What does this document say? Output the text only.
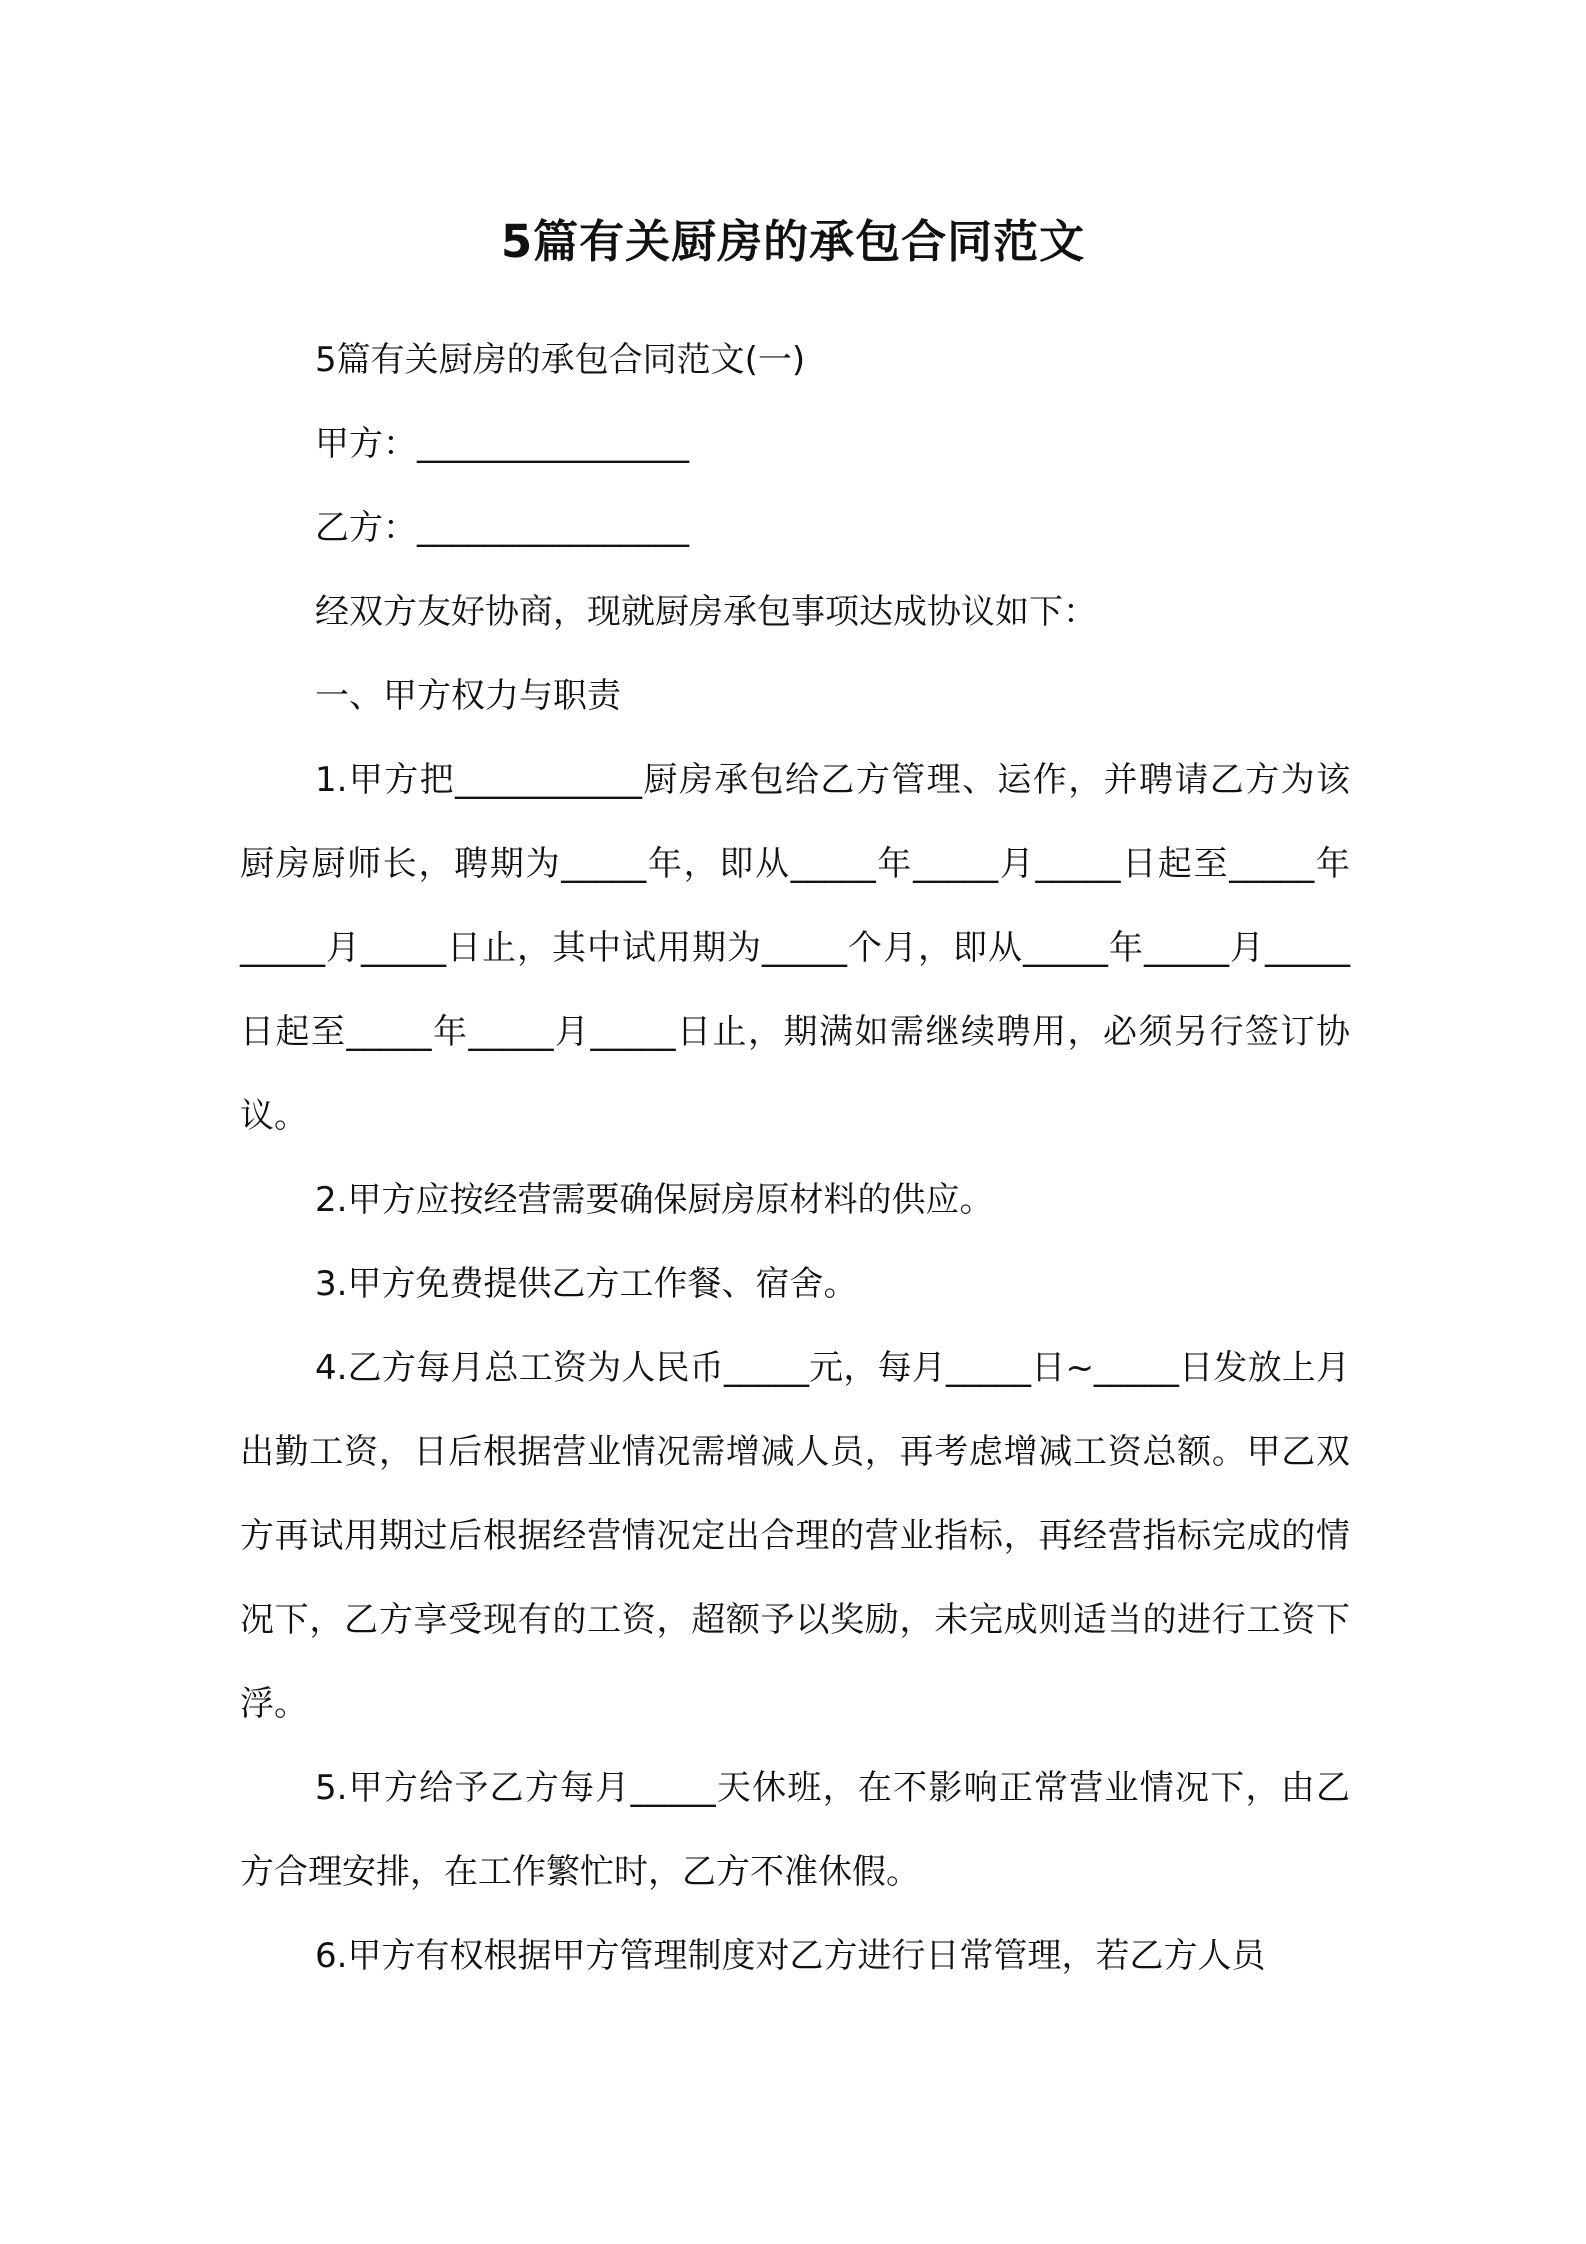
5篇有关厨房的承包合同范文

5篇有关厨房的承包合同范文(一)

甲方：________________

乙方：________________

经双方友好协商，现就厨房承包事项达成协议如下：

一、甲方权力与职责

1.甲方把___________厨房承包给乙方管理、运作，并聘请乙方为该厨房厨师长，聘期为_____年，即从_____年_____月_____日起至_____年_____月_____日止，其中试用期为_____个月，即从_____年_____月_____日起至_____年_____月_____日止，期满如需继续聘用，必须另行签订协议。

2.甲方应按经营需要确保厨房原材料的供应。

3.甲方免费提供乙方工作餐、宿舍。

4.乙方每月总工资为人民币_____元，每月_____日~_____日发放上月出勤工资，日后根据营业情况需增减人员，再考虑增减工资总额。甲乙双方再试用期过后根据经营情况定出合理的营业指标，再经营指标完成的情况下，乙方享受现有的工资，超额予以奖励，未完成则适当的进行工资下浮。

5.甲方给予乙方每月_____天休班，在不影响正常营业情况下，由乙方合理安排，在工作繁忙时，乙方不准休假。

6.甲方有权根据甲方管理制度对乙方进行日常管理，若乙方人员
